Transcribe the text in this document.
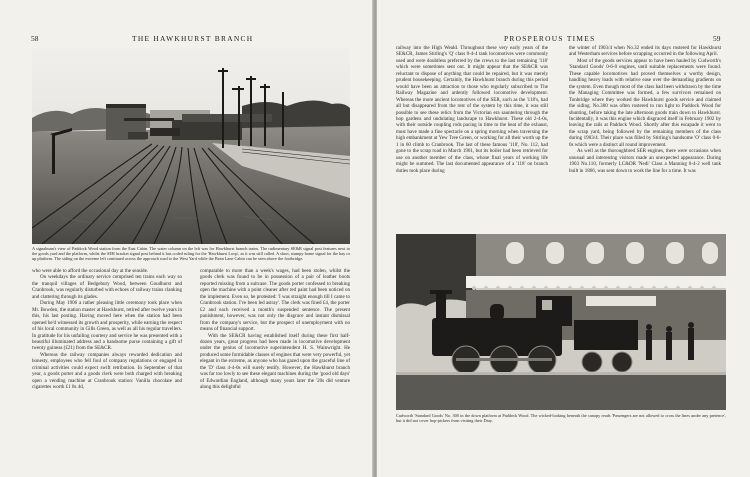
58	THE HAWKHURST BRANCH
A signalman's view of Paddock Wood station from the East Cabin. The water column on the left was for Hawkhurst branch trains. The rudimentary SE&R signal post features next to the goods yard and the platform, whilst the SER bracket signal post behind it has coded ruling for the 'Hawkhurst Loop', as it was still called. A short, stumpy home signal for the bay or up platform. The siding on the extreme left continued across the approach road to the West Yard while the Bean Lane Cabin can be seen above the footbridge.

who were able to afford the occasional day at the seaside.

On weekdays the ordinary service comprised ten trains each way so the tranquil villages of Bedgebury Wood, between Goudhurst and Cranbrook, was regularly disturbed with echoes of railway trains clanking and clattering through its glades.

During May 1906 a rather pleasing little ceremony took place when Mr. Bowden, the station master at Hawkhurst, retired after twelve years in this, his last posting. Having moved here when the station had been opened he'd witnessed its growth and prosperity, while earning the respect of his local community in Gills Green, as well as all his regular travellers. In gratitude for his unfailing courtesy and service he was presented with a beautiful illuminated address and a handsome purse containing a gift of twenty guineas (£21) from the SE&CR.

Whereas the railway companies always rewarded dedication and honesty, employees who fell foul of company regulations or engaged in criminal activities could expect swift retribution. In September of that year, a goods porter and a goods clerk were both charged with breaking open a vending machine at Cranbrook station: Vanilla chocolate and cigarettes worth £1 8s 4d,

comparable to more than a week's wages, had been stolen, whilst the goods clerk was found to be in possession of a pair of leather boots reported missing from a suitcase. The goods porter confessed to breaking open the machine with a point cleaner after red paint had been noticed on the implement. Even so, he protested: 'I was straight enough till I came to Cranbrook station. I've been led astray'. The clerk was fined £4, the porter £2 and each received a month's suspended sentence. The present punishment, however, was not only the disgrace and instant dismissal from the company's service, but the prospect of unemployment with no means of financial support.

With the SE&CR having established itself during these first half-dozen years, great progress had been made in locomotive development under the genius of locomotive superintendent H. S. Wainwright. He produced some formidable classes of engines that were very powerful, yet elegant in the extreme, as anyone who has gazed upon the graceful line of the 'D' class 4-4-0s will surely testify. However, the Hawkhurst branch was far too lowly to see these elegant machines during the 'good old days' of Edwardian England, although many years later the '20s did venture along this delightful

PROSPEROUS TIMES	59

railway into the High Weald. Throughout these very early years of the SE&CR, James Stirling's 'Q' class 0-4-4 tank locomotives were commonly used and were doubtless preferred by the crews to the last remaining '118' which were sometimes sent out. It might appear that the SE&CR was reluctant to dispose of anything that could be repaired, but it was merely prudent housekeeping. Certainly, the Hawkhurst branch during this period would have been an attraction to those who regularly subscribed to The Railway Magazine and ardently followed locomotive development. Whereas the more ancient locomotives of the SER, such as the '118's, had all but disappeared from the rest of the system by this time, it was still possible to see these relics from the Victorian era sauntering through the hop gardens and undulating landscape to Hawkhurst. These old 2-4-0s, with their outside coupling rods pacing in time to the beat of the exhaust, must have made a fine spectacle on a spring morning when traversing the high embankment at Yew Tree Green, or working for all their worth up the 1 in 60 climb to Cranbrook. The last of these famous '118', No. 112, had gone to the scrap road in March 1901, but its boiler had been retrieved for use on another member of the class, whose final years of working life might be summed. The last documented appearance of a '118' on branch duties took place during

the winter of 1903/4 when No.32 ended its days rostered for Hawkhurst and Westerham services before scrapping occurred in the following April.

Most of the goods services appear to have been hauled by Cudworth's 'Standard Goods' 0-6-0 engines, until suitable replacements were found. These capable locomotives had proved themselves a worthy design, handling heavy loads with relative ease over the demanding gradients on the system. Even though most of the class had been withdrawn by the time the Managing Committee was formed, a few survivors remained on Tonbridge where they worked the Hawkhurst goods service and claimed the siding. No.300 was often rostered to run light to Paddock Wood for shunting, before taking the late afternoon goods train down to Hawkhurst. Incidentally, it was this engine which disgraced itself in February 1902 by leaving the rails at Paddock Wood. Shortly after this escapade it went to the scrap yard, being followed by the remaining members of the class during 1903/4. Their place was filled by Stirling's handsome 'O' class 0-6-0s which were a distinct all round improvement.

As well as the thoroughbred SER engines, there were occasions when unusual and interesting visitors made an unexpected appearance. During 1903 No.110, formerly LC&DR 'Nedi' Class a Manning 0-4-2 well tank built in 1866, was sent down to work the line for a time. It was

Cudworth 'Standard Goods' No. 300 in the down platform at Paddock Wood. The wicked-looking beneath the canopy reads 'Passengers are not allowed to cross the lines under any pretence', but it did not cover hop-pickers from visiting their Dray.
